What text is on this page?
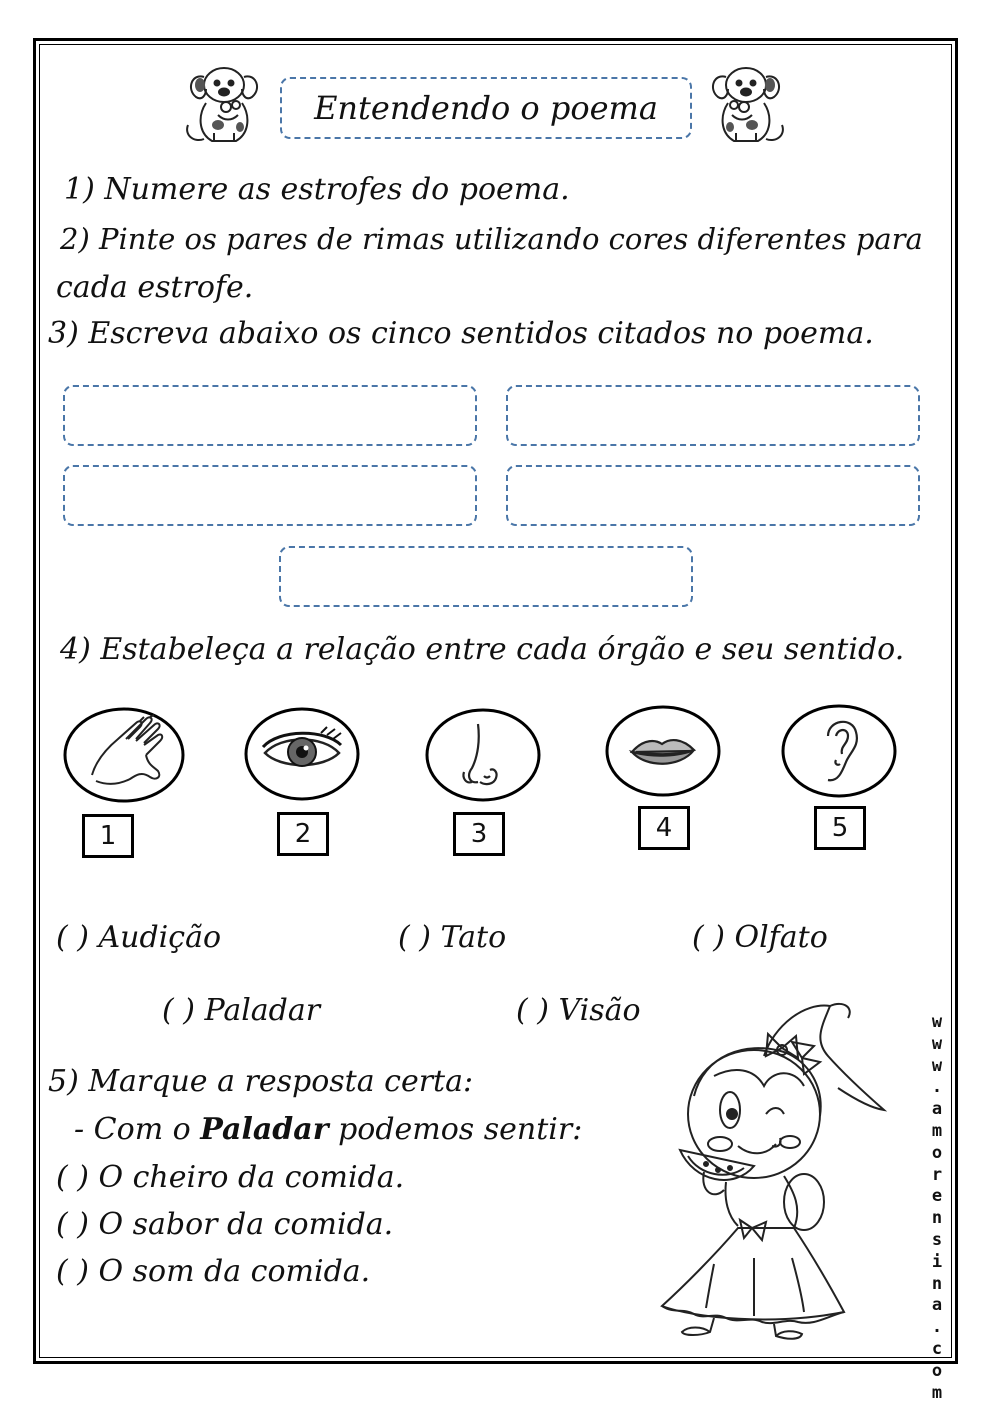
Entendendo o poema
1) Numere as estrofes do poema.
2) Pinte os pares de rimas utilizando cores diferentes para
cada estrofe.
3) Escreva abaixo os cinco sentidos citados no poema.
4) Estabeleça a relação entre cada órgão e seu sentido.
1	2	3	4	5
( ) Audição	( ) Tato	( ) Olfato
( ) Paladar	( ) Visão
5) Marque a resposta certa:
- Com o Paladar podemos sentir:
( ) O cheiro da comida.
( ) O sabor da comida.
( ) O som da comida.
w
w
w
.
a
m
o
r
e
n
s
i
n
a
.
c
o
m
